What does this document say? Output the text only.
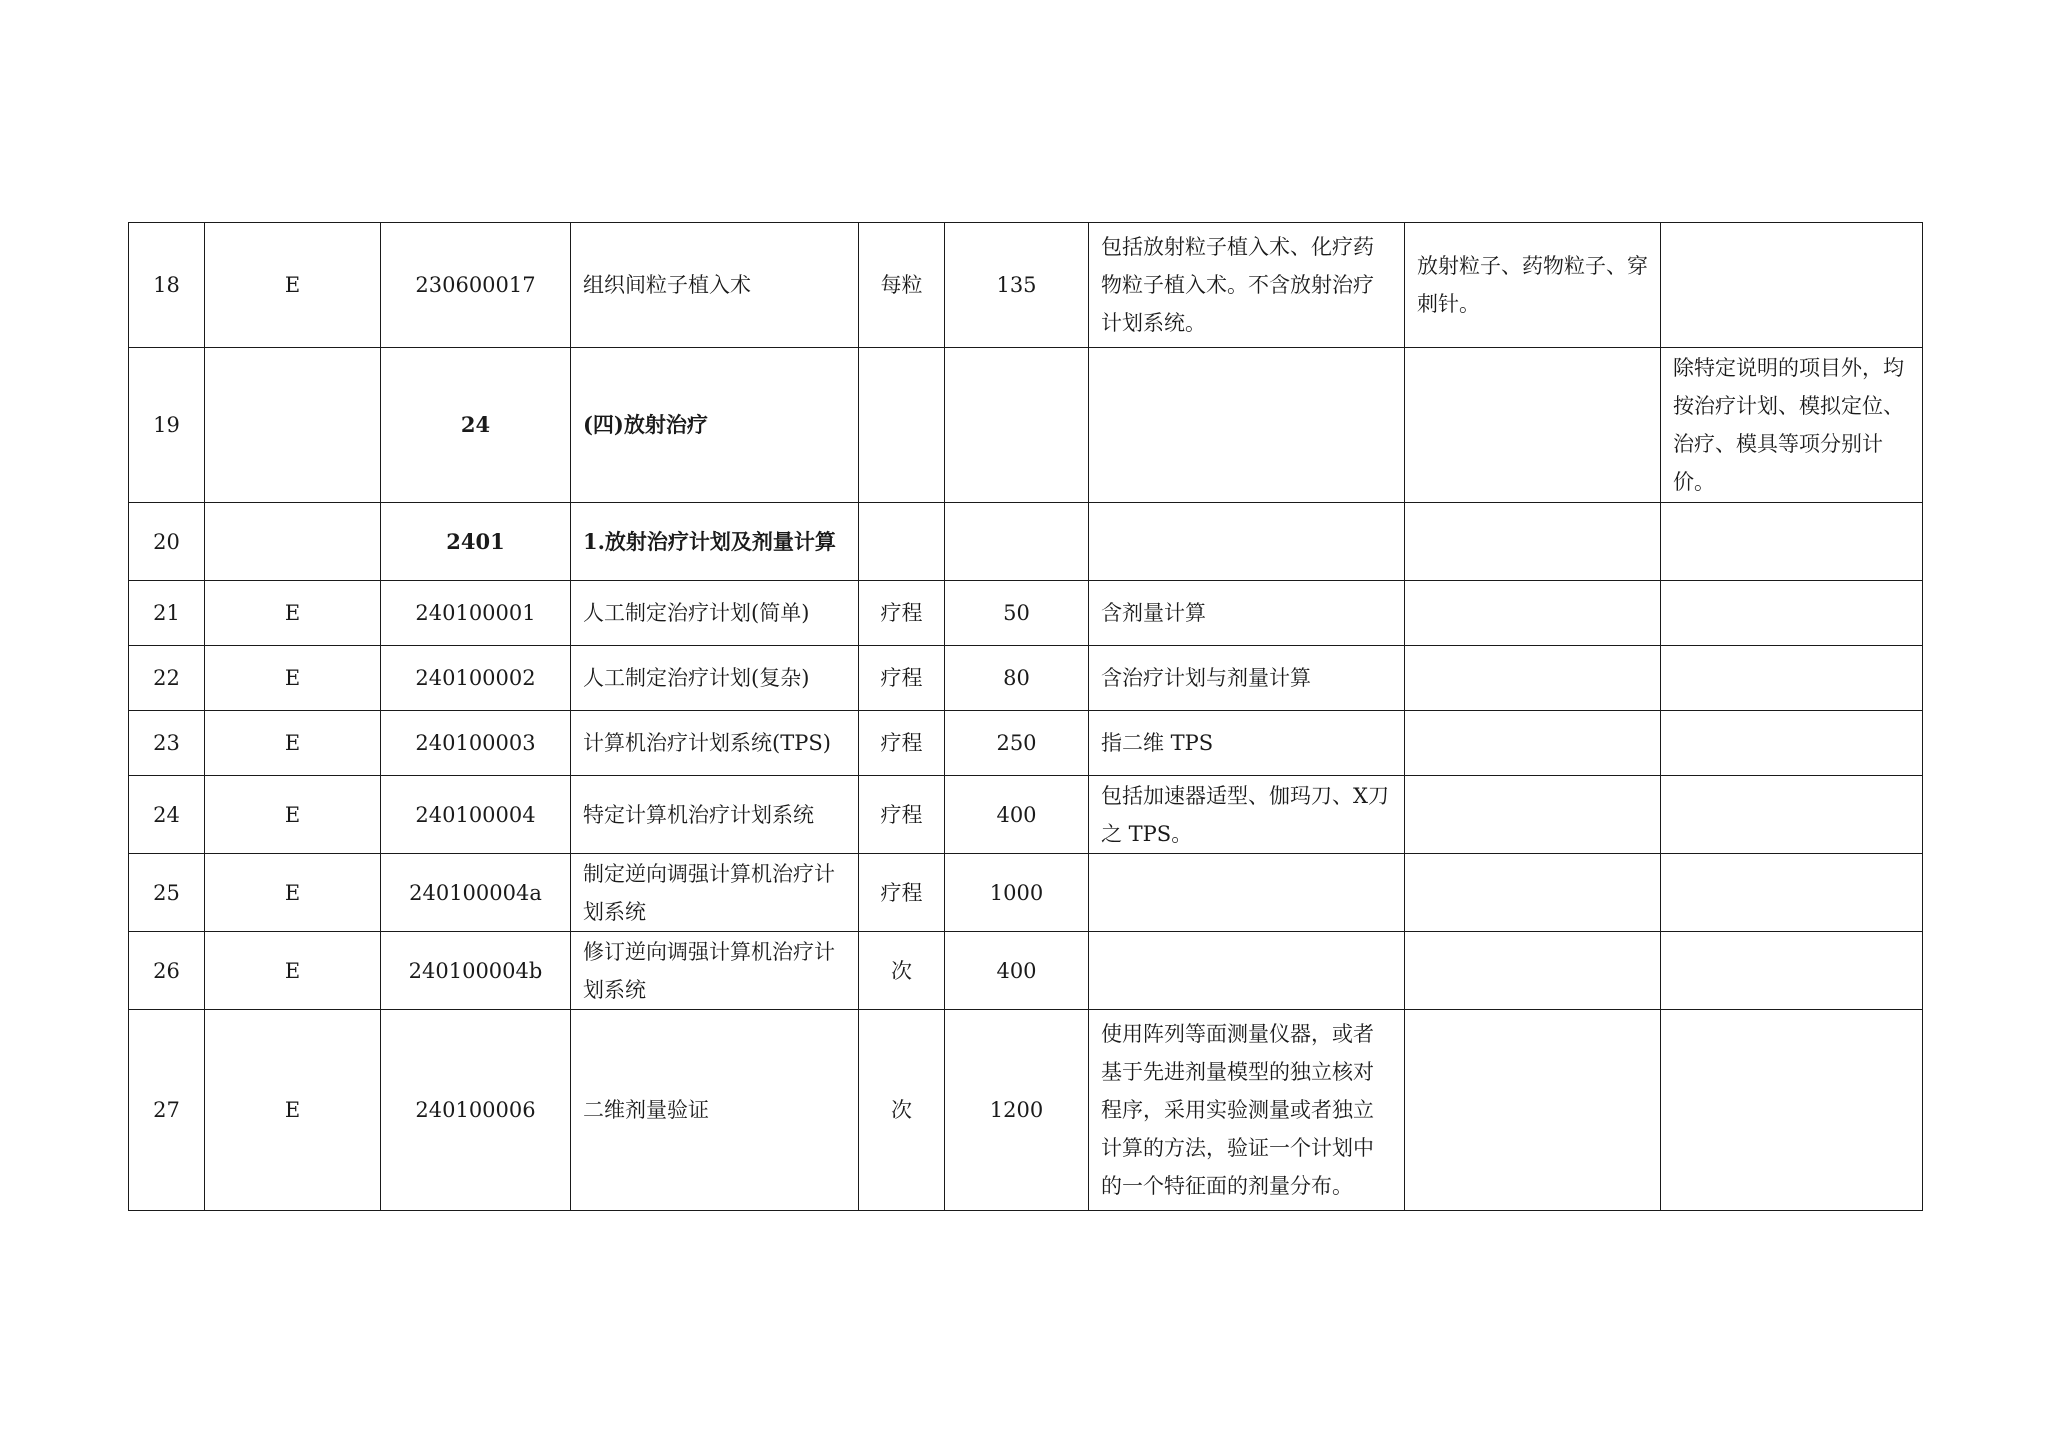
18	E	230600017	组织间粒子植入术	每粒	135	包括放射粒子植入术、化疗药物粒子植入术。不含放射治疗计划系统。	放射粒子、药物粒子、穿刺针。	
19		24	(四)放射治疗					除特定说明的项目外，均按治疗计划、模拟定位、治疗、模具等项分别计价。
20		2401	1.放射治疗计划及剂量计算					
21	E	240100001	人工制定治疗计划(简单)	疗程	50	含剂量计算		
22	E	240100002	人工制定治疗计划(复杂)	疗程	80	含治疗计划与剂量计算		
23	E	240100003	计算机治疗计划系统(TPS)	疗程	250	指二维 TPS		
24	E	240100004	特定计算机治疗计划系统	疗程	400	包括加速器适型、伽玛刀、X刀之 TPS。		
25	E	240100004a	制定逆向调强计算机治疗计划系统	疗程	1000			
26	E	240100004b	修订逆向调强计算机治疗计划系统	次	400			
27	E	240100006	二维剂量验证	次	1200	使用阵列等面测量仪器，或者基于先进剂量模型的独立核对程序，采用实验测量或者独立计算的方法，验证一个计划中的一个特征面的剂量分布。		
